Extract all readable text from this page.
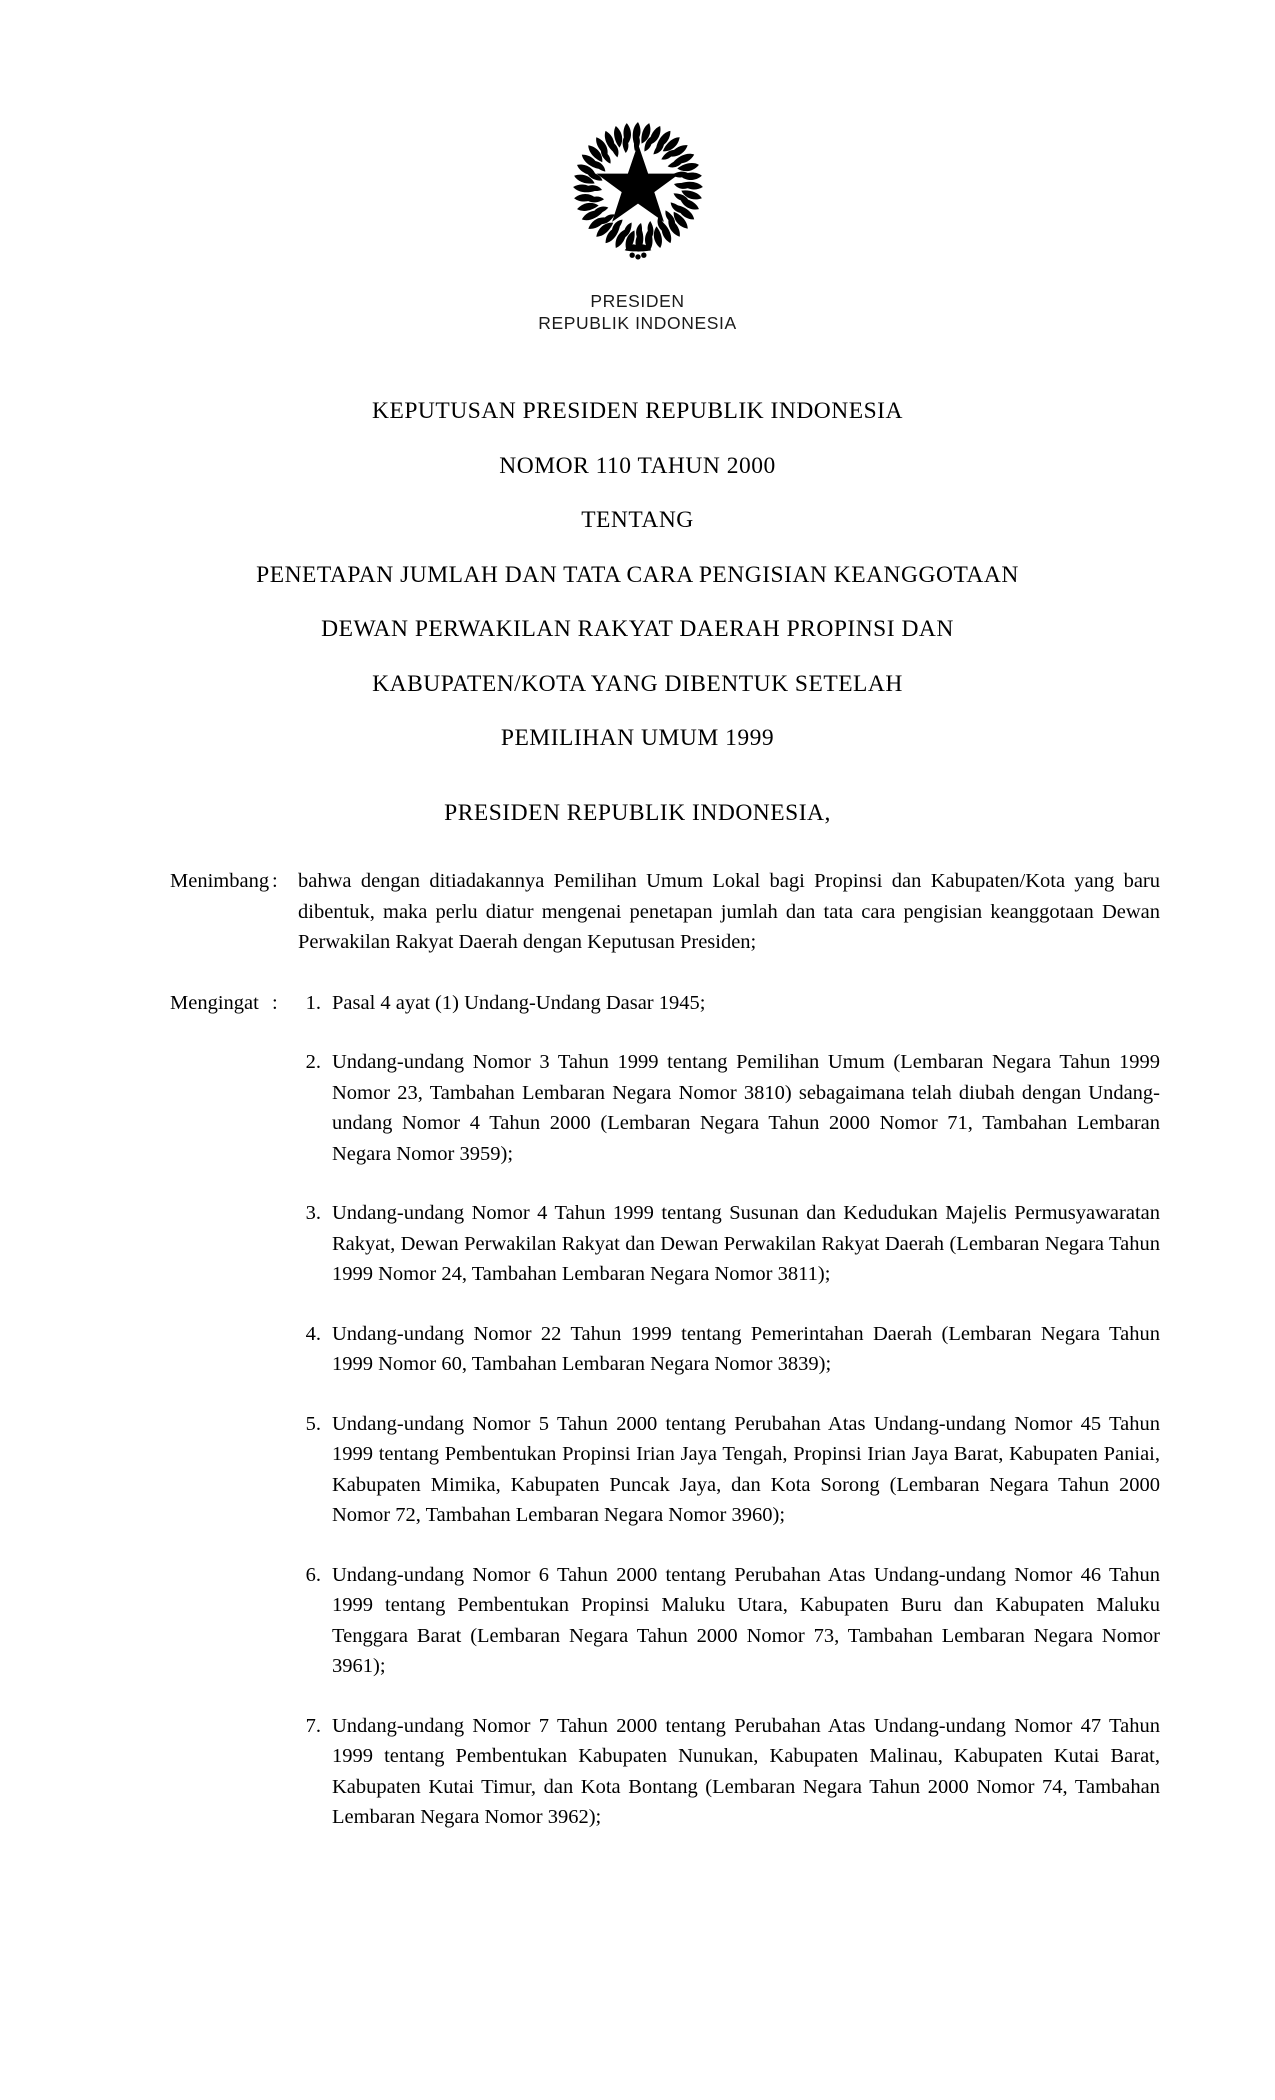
PRESIDEN
REPUBLIK INDONESIA
KEPUTUSAN PRESIDEN REPUBLIK INDONESIA
NOMOR 110 TAHUN 2000
TENTANG
PENETAPAN JUMLAH DAN TATA CARA PENGISIAN KEANGGOTAAN
DEWAN PERWAKILAN RAKYAT DAERAH PROPINSI DAN
KABUPATEN/KOTA YANG DIBENTUK SETELAH
PEMILIHAN UMUM 1999
PRESIDEN REPUBLIK INDONESIA,
Menimbang : bahwa dengan ditiadakannya Pemilihan Umum Lokal bagi Propinsi dan Kabupaten/Kota yang baru dibentuk, maka perlu diatur mengenai penetapan jumlah dan tata cara pengisian keanggotaan Dewan Perwakilan Rakyat Daerah dengan Keputusan Presiden;

Mengingat :	1. Pasal 4 ayat (1) Undang-Undang Dasar 1945;
2. Undang-undang Nomor 3 Tahun 1999 tentang Pemilihan Umum (Lembaran Negara Tahun 1999 Nomor 23, Tambahan Lembaran Negara Nomor 3810) sebagaimana telah diubah dengan Undang-undang Nomor 4 Tahun 2000 (Lembaran Negara Tahun 2000 Nomor 71, Tambahan Lembaran Negara Nomor 3959);
3. Undang-undang Nomor 4 Tahun 1999 tentang Susunan dan Kedudukan Majelis Permusyawaratan Rakyat, Dewan Perwakilan Rakyat dan Dewan Perwakilan Rakyat Daerah (Lembaran Negara Tahun 1999 Nomor 24, Tambahan Lembaran Negara Nomor 3811);
4. Undang-undang Nomor 22 Tahun 1999 tentang Pemerintahan Daerah (Lembaran Negara Tahun 1999 Nomor 60, Tambahan Lembaran Negara Nomor 3839);
5. Undang-undang Nomor 5 Tahun 2000 tentang Perubahan Atas Undang-undang Nomor 45 Tahun 1999 tentang Pembentukan Propinsi Irian Jaya Tengah, Propinsi Irian Jaya Barat, Kabupaten Paniai, Kabupaten Mimika, Kabupaten Puncak Jaya, dan Kota Sorong (Lembaran Negara Tahun 2000 Nomor 72, Tambahan Lembaran Negara Nomor 3960);
6. Undang-undang Nomor 6 Tahun 2000 tentang Perubahan Atas Undang-undang Nomor 46 Tahun 1999 tentang Pembentukan Propinsi Maluku Utara, Kabupaten Buru dan Kabupaten Maluku Tenggara Barat (Lembaran Negara Tahun 2000 Nomor 73, Tambahan Lembaran Negara Nomor 3961);
7. Undang-undang Nomor 7 Tahun 2000 tentang Perubahan Atas Undang-undang Nomor 47 Tahun 1999 tentang Pembentukan Kabupaten Nunukan, Kabupaten Malinau, Kabupaten Kutai Barat, Kabupaten Kutai Timur, dan Kota Bontang (Lembaran Negara Tahun 2000 Nomor 74, Tambahan Lembaran Negara Nomor 3962);
